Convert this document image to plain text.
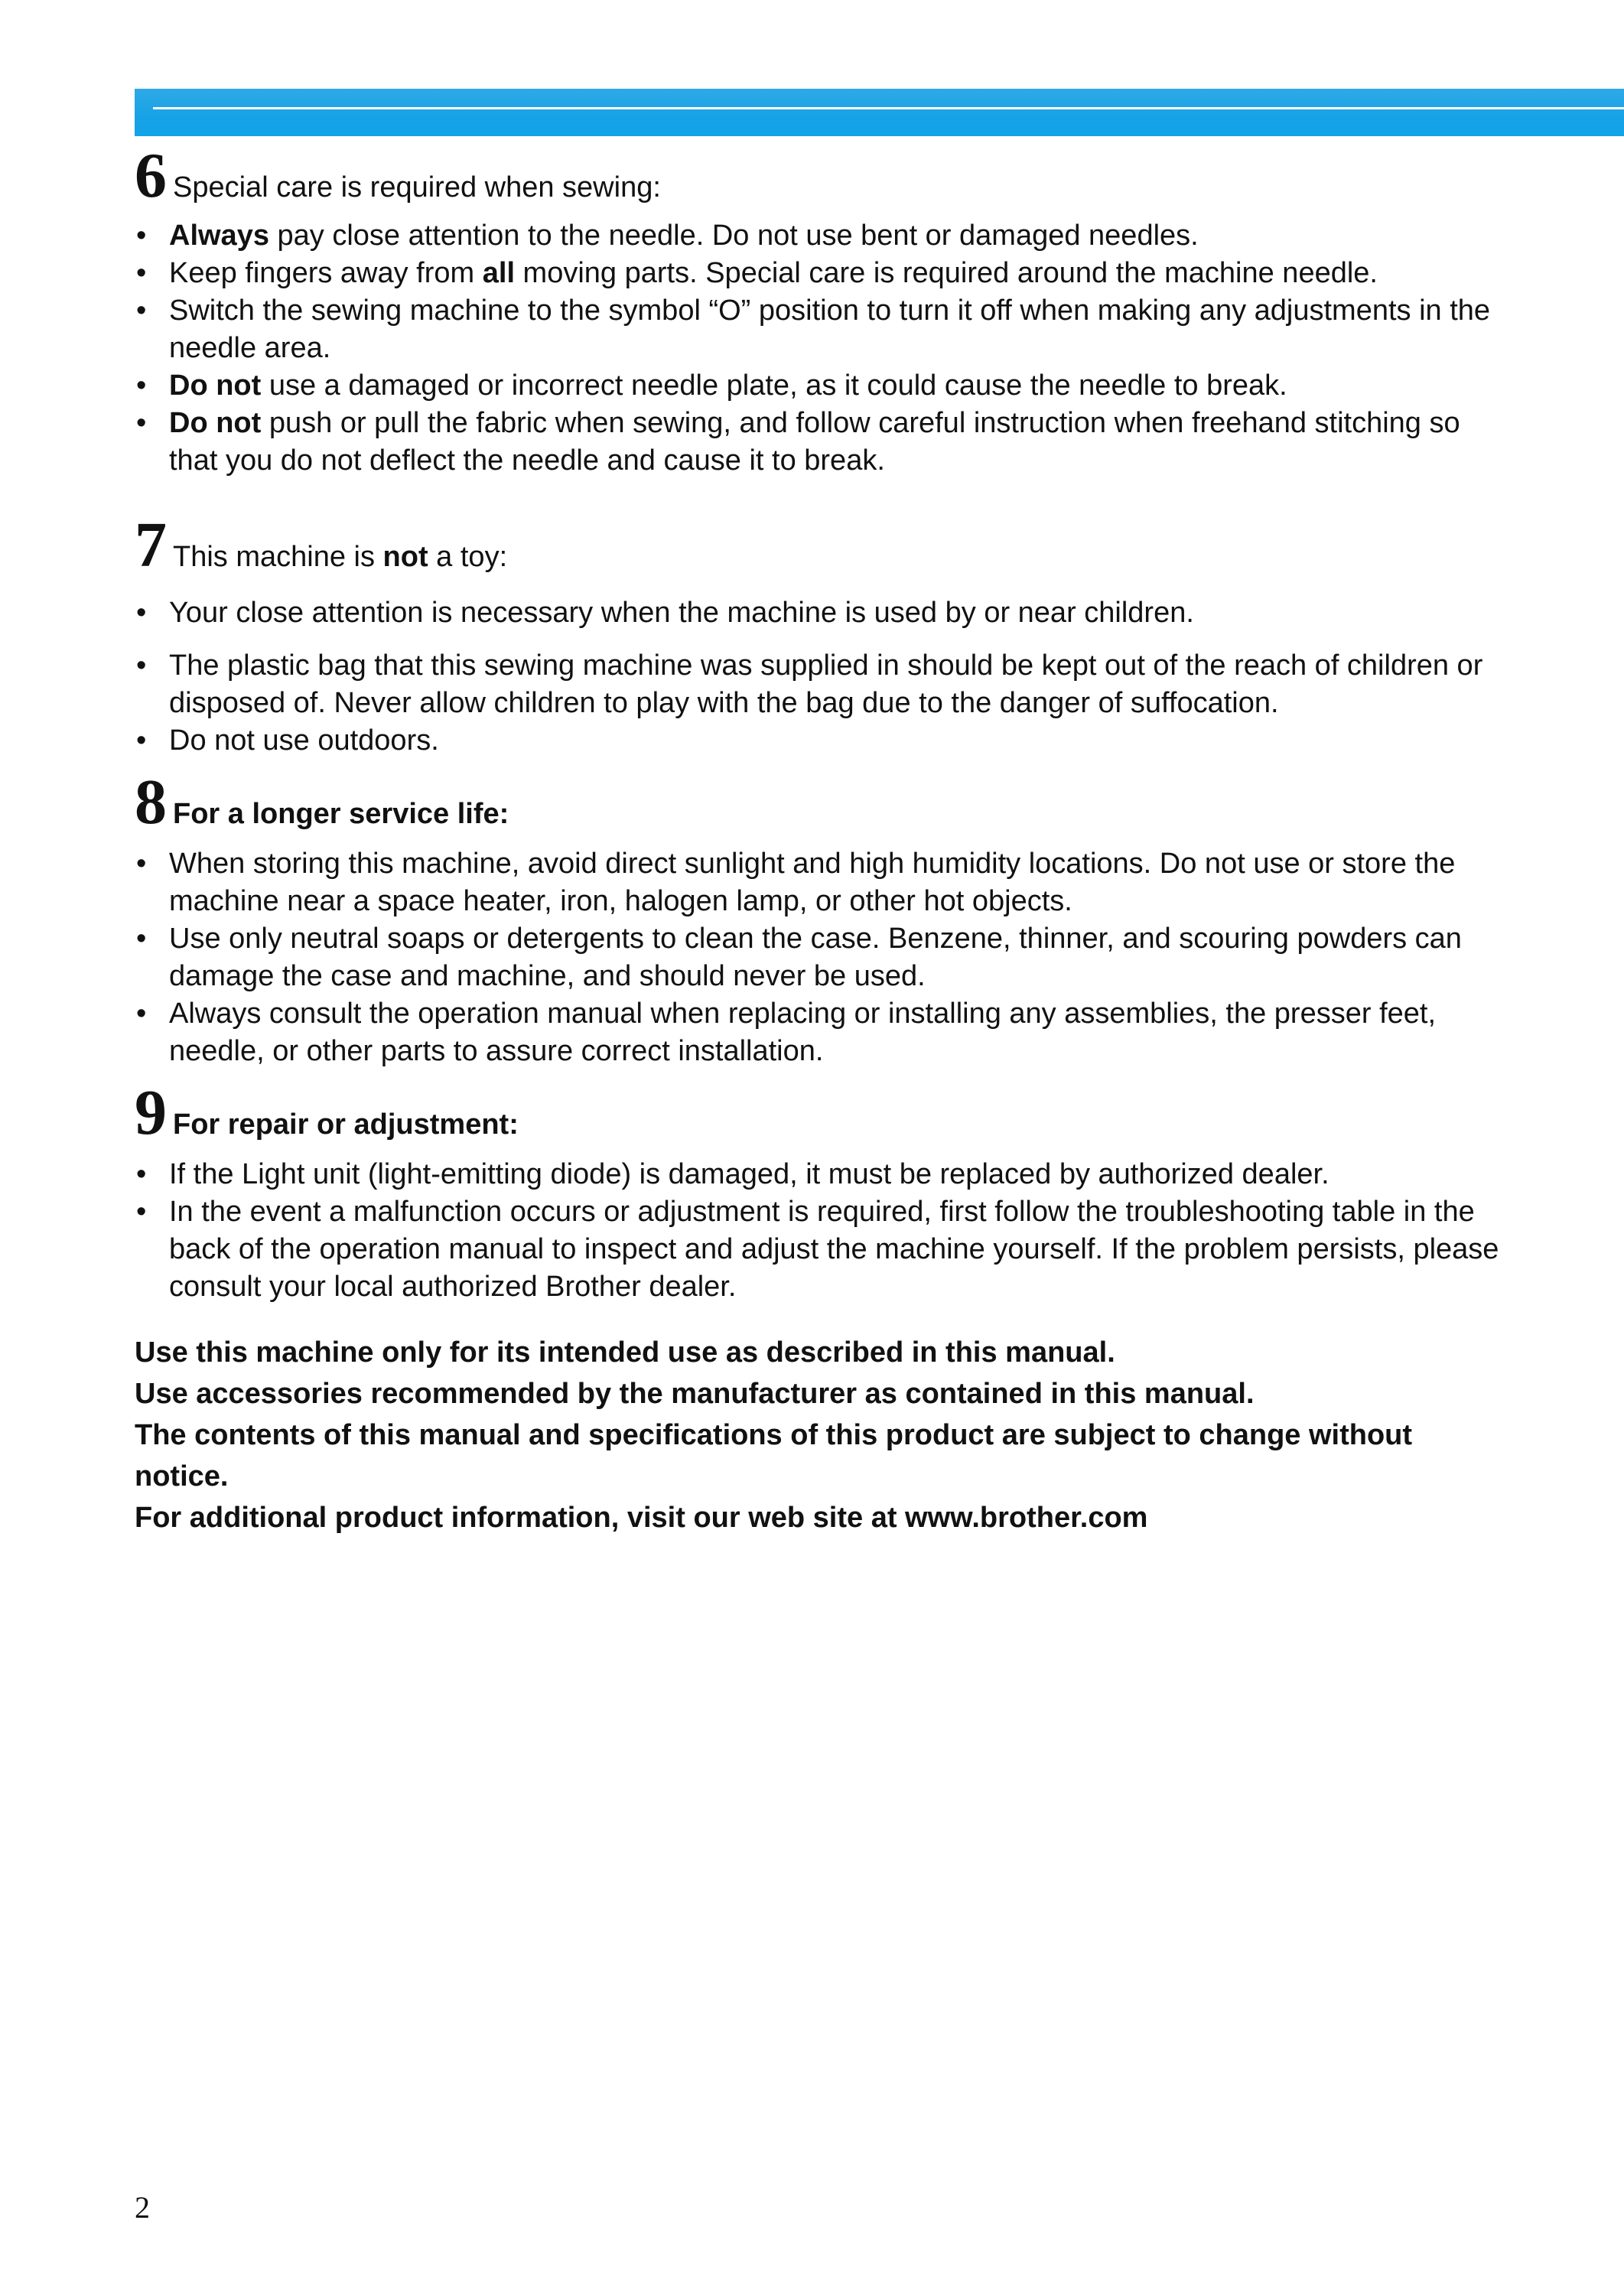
6 Special care is required when sewing:
• Always pay close attention to the needle. Do not use bent or damaged needles.
• Keep fingers away from all moving parts. Special care is required around the machine needle.
• Switch the sewing machine to the symbol “O” position to turn it off when making any adjustments in the needle area.
• Do not use a damaged or incorrect needle plate, as it could cause the needle to break.
• Do not push or pull the fabric when sewing, and follow careful instruction when freehand stitching so that you do not deflect the needle and cause it to break.
7 This machine is not a toy:
• Your close attention is necessary when the machine is used by or near children.
• The plastic bag that this sewing machine was supplied in should be kept out of the reach of children or disposed of. Never allow children to play with the bag due to the danger of suffocation.
• Do not use outdoors.
8 For a longer service life:
• When storing this machine, avoid direct sunlight and high humidity locations. Do not use or store the machine near a space heater, iron, halogen lamp, or other hot objects.
• Use only neutral soaps or detergents to clean the case. Benzene, thinner, and scouring powders can damage the case and machine, and should never be used.
• Always consult the operation manual when replacing or installing any assemblies, the presser feet, needle, or other parts to assure correct installation.
9 For repair or adjustment:
• If the Light unit (light-emitting diode) is damaged, it must be replaced by authorized dealer.
• In the event a malfunction occurs or adjustment is required, first follow the troubleshooting table in the back of the operation manual to inspect and adjust the machine yourself. If the problem persists, please consult your local authorized Brother dealer.

Use this machine only for its intended use as described in this manual.

Use accessories recommended by the manufacturer as contained in this manual.

The contents of this manual and specifications of this product are subject to change without notice.

For additional product information, visit our web site at www.brother.com

2
